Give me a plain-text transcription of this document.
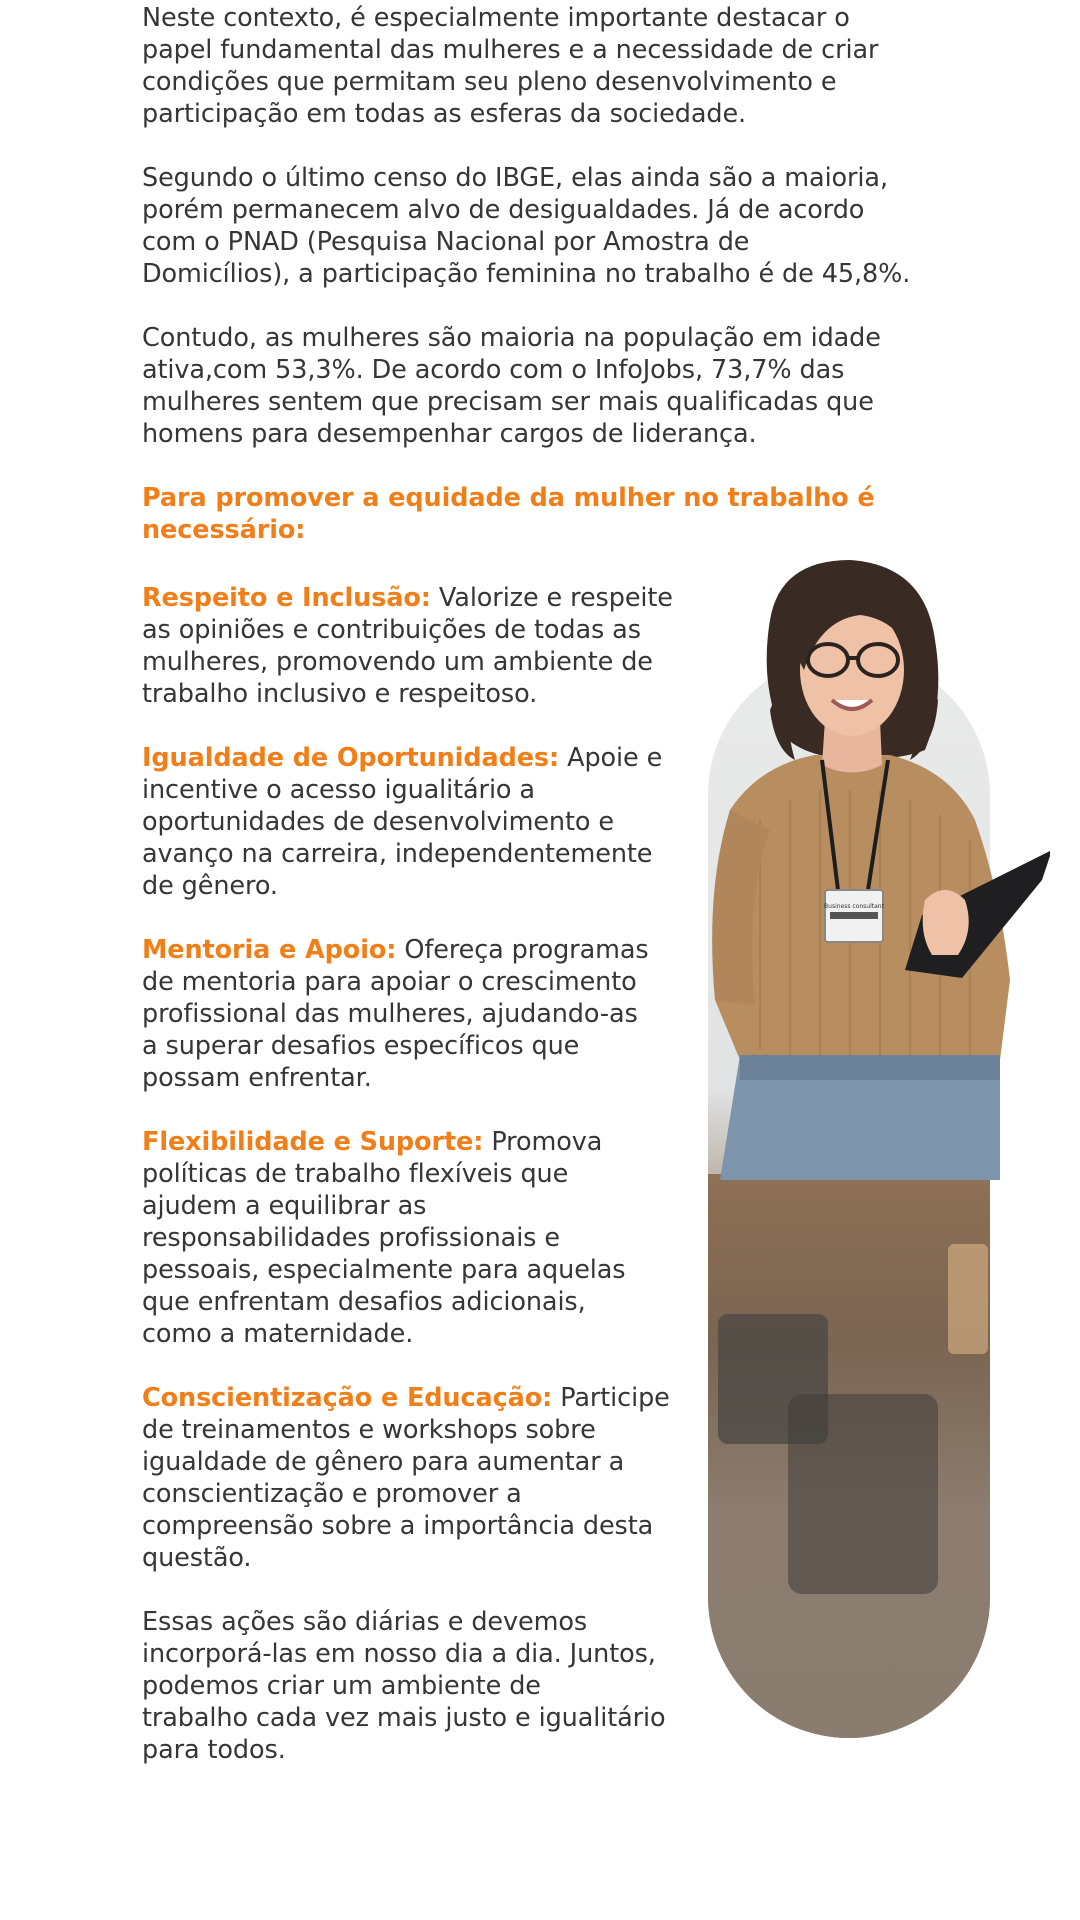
Neste contexto, é especialmente importante destacar o
papel fundamental das mulheres e a necessidade de criar
condições que permitam seu pleno desenvolvimento e
participação em todas as esferas da sociedade.

Segundo o último censo do IBGE, elas ainda são a maioria,
porém permanecem alvo de desigualdades. Já de acordo
com o PNAD (Pesquisa Nacional por Amostra de
Domicílios), a participação feminina no trabalho é de 45,8%.

Contudo, as mulheres são maioria na população em idade
ativa,com 53,3%. De acordo com o InfoJobs, 73,7% das
mulheres sentem que precisam ser mais qualificadas que
homens para desempenhar cargos de liderança.

Para promover a equidade da mulher no trabalho é
necessário:

Respeito e Inclusão: Valorize e respeite
as opiniões e contribuições de todas as
mulheres, promovendo um ambiente de
trabalho inclusivo e respeitoso.

Igualdade de Oportunidades: Apoie e
incentive o acesso igualitário a
oportunidades de desenvolvimento e
avanço na carreira, independentemente
de gênero.

Mentoria e Apoio: Ofereça programas
de mentoria para apoiar o crescimento
profissional das mulheres, ajudando-as
a superar desafios específicos que
possam enfrentar.

Flexibilidade e Suporte: Promova
políticas de trabalho flexíveis que
ajudem a equilibrar as
responsabilidades profissionais e
pessoais, especialmente para aquelas
que enfrentam desafios adicionais,
como a maternidade.

Conscientização e Educação: Participe
de treinamentos e workshops sobre
igualdade de gênero para aumentar a
conscientização e promover a
compreensão sobre a importância desta
questão.

Essas ações são diárias e devemos
incorporá-las em nosso dia a dia. Juntos,
podemos criar um ambiente de
trabalho cada vez mais justo e igualitário
para todos.

Business consultant
